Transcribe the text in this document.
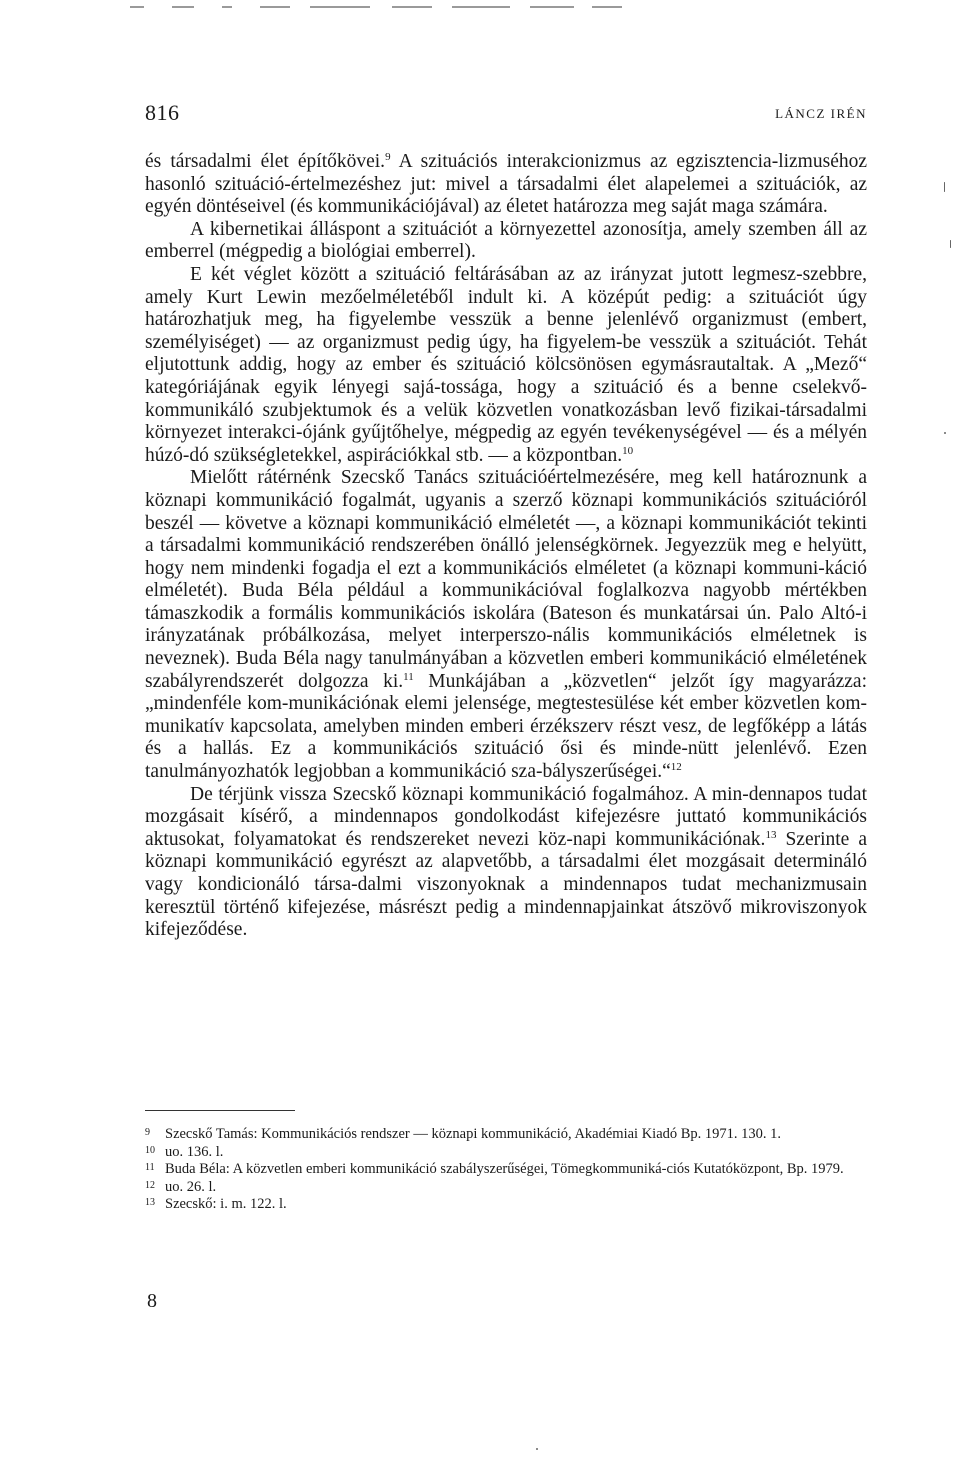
816	LÁNCZ IRÉN

és társadalmi élet építőkövei.$^9$ A szituációs interakcionizmus az egzisztencia-lizmuséhoz hasonló szituáció-értelmezéshez jut: mivel a társadalmi élet alapelemei a szituációk, az egyén döntéseivel (és kommunikációjával) az életet határozza meg saját maga számára.

A kibernetikai álláspont a szituációt a környezettel azonosítja, amely szemben áll az emberrel (mégpedig a biológiai emberrel).

E két véglet között a szituáció feltárásában az az irányzat jutott legmesz-szebbre, amely Kurt Lewin mezőelméletéből indult ki. A középút pedig: a szituációt úgy határozhatjuk meg, ha figyelembe vesszük a benne jelenlévő organizmust (embert, személyiséget) — az organizmust pedig úgy, ha figyelem-be vesszük a szituációt. Tehát eljutottunk addig, hogy az ember és szituáció kölcsönösen egymásrautaltak. A „Mező“ kategóriájának egyik lényegi sajá-tossága, hogy a szituáció és a benne cselekvő-kommunikáló szubjektumok és a velük közvetlen vonatkozásban levő fizikai-társadalmi környezet interakci-ójánk gyűjtőhelye, mégpedig az egyén tevékenységével — és a mélyén húzó-dó szükségletekkel, aspirációkkal stb. — a központban.$^{10}$

Mielőtt rátérnénk Szecskő Tanács szituációértelmezésére, meg kell határoznunk a köznapi kommunikáció fogalmát, ugyanis a szerző köznapi kommunikációs szituációról beszél — követve a köznapi kommunikáció elméletét —, a köznapi kommunikációt tekinti a társadalmi kommunikáció rendszerében önálló jelenségkörnek. Jegyezzük meg e helyütt, hogy nem mindenki fogadja el ezt a kommunikációs elméletet (a köznapi kommuni-káció elméletét). Buda Béla például a kommunikációval foglalkozva nagyobb mértékben támaszkodik a formális kommunikációs iskolára (Bateson és munkatársai ún. Palo Altó-i irányzatának próbálkozása, melyet interperszo-nális kommunikációs elméletnek is neveznek). Buda Béla nagy tanulmányában a közvetlen emberi kommunikáció elméletének szabályrendszerét dolgozza ki.$^{11}$ Munkájában a „közvetlen“ jelzőt így magyarázza: „mindenféle kom-munikációnak elemi jelensége, megtestesülése két ember közvetlen kom-munikatív kapcsolata, amelyben minden emberi érzékszerv részt vesz, de legfőképp a látás és a hallás. Ez a kommunikációs szituáció ősi és minde-nütt jelenlévő. Ezen tanulmányozhatók legjobban a kommunikáció sza-bályszerűségei.“$^{12}$

De térjünk vissza Szecskő köznapi kommunikáció fogalmához. A min-dennapos tudat mozgásait kísérő, a mindennapos gondolkodást kifejezésre juttató kommunikációs aktusokat, folyamatokat és rendszereket nevezi köz-napi kommunikációnak.$^{13}$ Szerinte a köznapi kommunikáció egyrészt az alapvetőbb, a társadalmi élet mozgásait determináló vagy kondicionáló társa-dalmi viszonyoknak a mindennapos tudat mechanizmusain keresztül történő kifejezése, másrészt pedig a mindennapjainkat átszövő mikroviszonyok kifejeződése.

9	Szecskő Tamás: Kommunikációs rendszer — köznapi kommunikáció, Akadémiai Kiadó Bp. 1971. 130. 1.
10 uo. 136. l.
11 Buda Béla: A közvetlen emberi kommunikáció szabályszerűségei, Tömegkommuniká-ciós Kutatóközpont, Bp. 1979.
12 uo. 26. l.
13 Szecskő: i. m. 122. l.
8
